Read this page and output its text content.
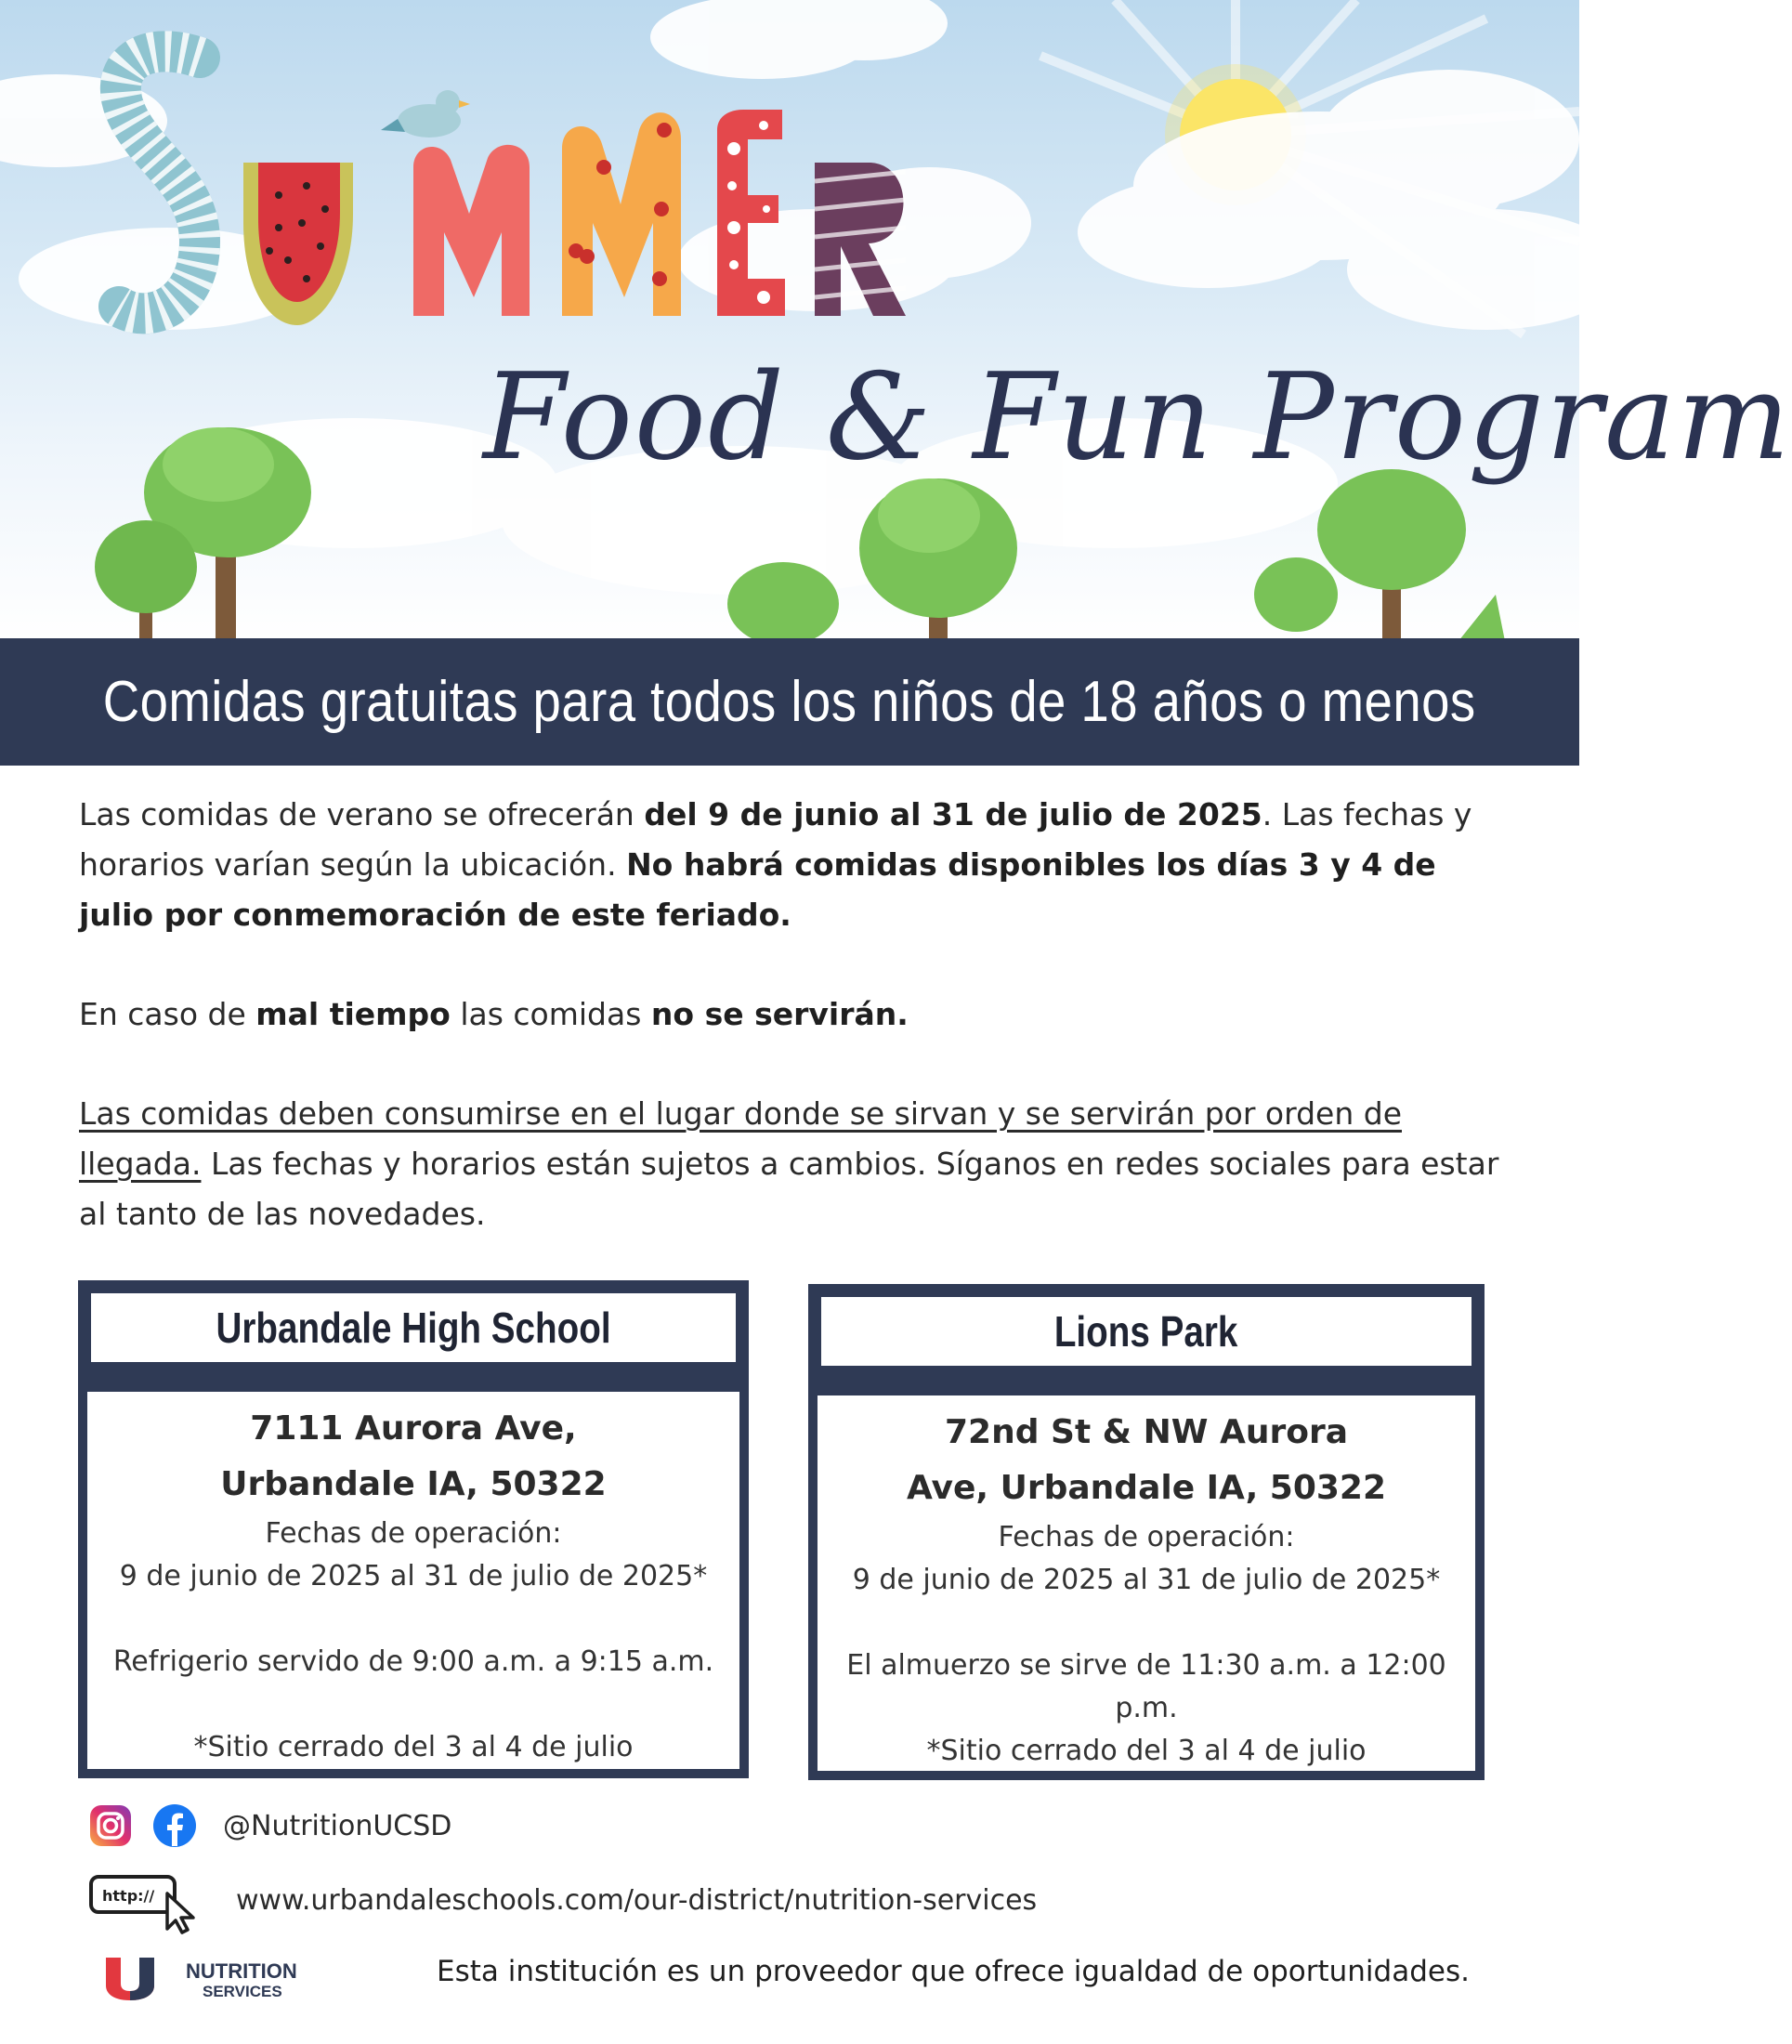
Food & Fun Program
Comidas gratuitas para todos los niños de 18 años o menos
Las comidas de verano se ofrecerán del 9 de junio al 31 de julio de 2025. Las fechas y horarios varían según la ubicación. No habrá comidas disponibles los días 3 y 4 de julio por conmemoración de este feriado.
En caso de mal tiempo las comidas no se servirán.
Las comidas deben consumirse en el lugar donde se sirvan y se servirán por orden de llegada. Las fechas y horarios están sujetos a cambios. Síganos en redes sociales para estar al tanto de las novedades.
Urbandale High School
7111 Aurora Ave,
Urbandale IA, 50322
Fechas de operación:
9 de junio de 2025 al 31 de julio de 2025*
Refrigerio servido de 9:00 a.m. a 9:15 a.m.
*Sitio cerrado del 3 al 4 de julio
Lions Park
72nd St & NW Aurora
Ave, Urbandale IA, 50322
Fechas de operación:
9 de junio de 2025 al 31 de julio de 2025*
El almuerzo se sirve de 11:30 a.m. a 12:00 p.m.
*Sitio cerrado del 3 al 4 de julio
@NutritionUCSD
http://	www.urbandaleschools.com/our-district/nutrition-services
NUTRITION
SERVICES
Esta institución es un proveedor que ofrece igualdad de oportunidades.
